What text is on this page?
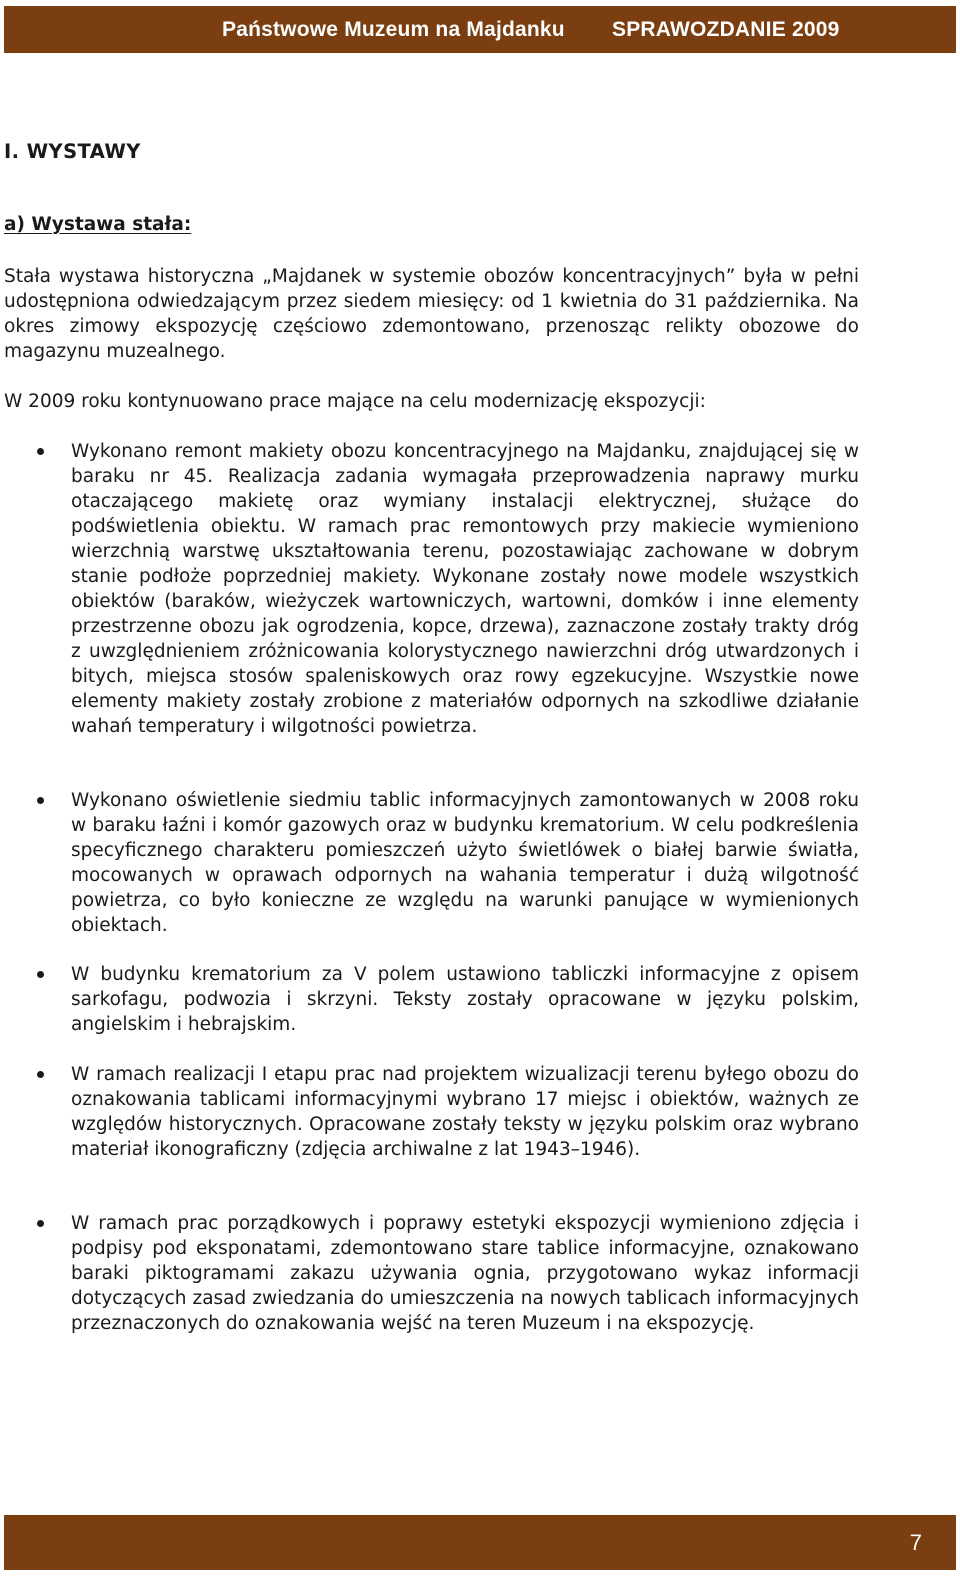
Państwowe Muzeum na Majdanku SPRAWOZDANIE 2009
I. WYSTAWY
a) Wystawa stała:

Stała wystawa historyczna „Majdanek w systemie obozów koncentracyjnych” była w pełni udostępniona odwiedzającym przez siedem miesięcy: od 1 kwietnia do 31 października. Na okres zimowy ekspozycję częściowo zdemontowano, przenosząc relikty obozowe do magazynu muzealnego.

W 2009 roku kontynuowano prace mające na celu modernizację ekspozycji:

Wykonano remont makiety obozu koncentracyjnego na Majdanku, znajdującej się w baraku nr 45. Realizacja zadania wymagała przeprowadzenia naprawy murku otaczającego makietę oraz wymiany instalacji elektrycznej, służące do podświetlenia obiektu. W ramach prac remontowych przy makiecie wymieniono wierzchnią warstwę ukształtowania terenu, pozostawiając zachowane w dobrym stanie podłoże poprzedniej makiety. Wykonane zostały nowe modele wszystkich obiektów (baraków, wieżyczek wartowniczych, wartowni, domków i inne elementy przestrzenne obozu jak ogrodzenia, kopce, drzewa), zaznaczone zostały trakty dróg z uwzględnieniem zróżnicowania kolorystycznego nawierzchni dróg utwardzonych i bitych, miejsca stosów spaleniskowych oraz rowy egzekucyjne. Wszystkie nowe elementy makiety zostały zrobione z materiałów odpornych na szkodliwe działanie wahań temperatury i wilgotności powietrza.

Wykonano oświetlenie siedmiu tablic informacyjnych zamontowanych w 2008 roku w baraku łaźni i komór gazowych oraz w budynku krematorium. W celu podkreślenia specyficznego charakteru pomieszczeń użyto świetlówek o białej barwie światła, mocowanych w oprawach odpornych na wahania temperatur i dużą wilgotność powietrza, co było konieczne ze względu na warunki panujące w wymienionych obiektach.

W budynku krematorium za V polem ustawiono tabliczki informacyjne z opisem sarkofagu, podwozia i skrzyni. Teksty zostały opracowane w języku polskim, angielskim i hebrajskim.

W ramach realizacji I etapu prac nad projektem wizualizacji terenu byłego obozu do oznakowania tablicami informacyjnymi wybrano 17 miejsc i obiektów, ważnych ze względów historycznych. Opracowane zostały teksty w języku polskim oraz wybrano materiał ikonograficzny (zdjęcia archiwalne z lat 1943–1946).

W ramach prac porządkowych i poprawy estetyki ekspozycji wymieniono zdjęcia i podpisy pod eksponatami, zdemontowano stare tablice informacyjne, oznakowano baraki piktogramami zakazu używania ognia, przygotowano wykaz informacji dotyczących zasad zwiedzania do umieszczenia na nowych tablicach informacyjnych przeznaczonych do oznakowania wejść na teren Muzeum i na ekspozycję.

7
